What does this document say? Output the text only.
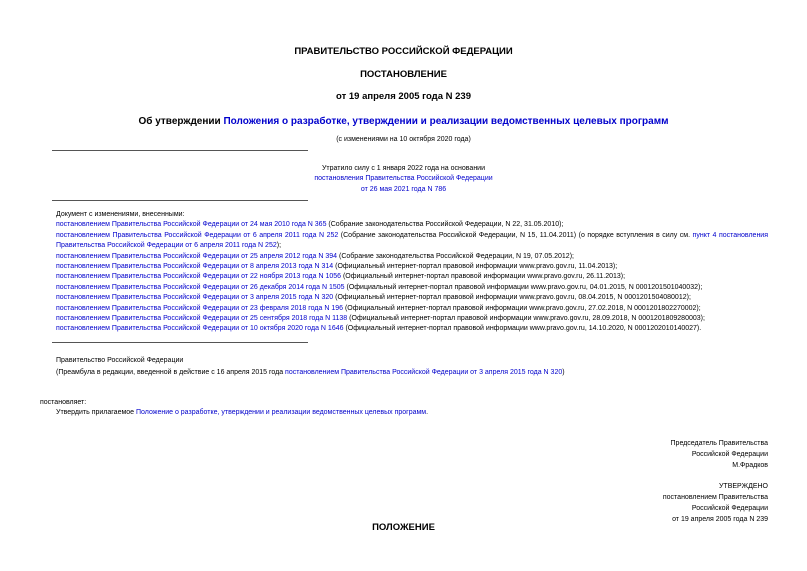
ПРАВИТЕЛЬСТВО РОССИЙСКОЙ ФЕДЕРАЦИИ
ПОСТАНОВЛЕНИЕ
от 19 апреля 2005 года N 239
Об утверждении Положения о разработке, утверждении и реализации ведомственных целевых программ
(с изменениями на 10 октября 2020 года)
Утратило силу с 1 января 2022 года на основании
постановления Правительства Российской Федерации
от 26 мая 2021 года N 786
Документ с изменениями, внесенными:
постановлением Правительства Российской Федерации от 24 мая 2010 года N 365 (Собрание законодательства Российской Федерации, N 22, 31.05.2010);
постановлением Правительства Российской Федерации от 6 апреля 2011 года N 252 (Собрание законодательства Российской Федерации, N 15, 11.04.2011) (о порядке вступления в силу см. пункт 4 постановления Правительства Российской Федерации от 6 апреля 2011 года N 252);
постановлением Правительства Российской Федерации от 25 апреля 2012 года N 394 (Собрание законодательства Российской Федерации, N 19, 07.05.2012);
постановлением Правительства Российской Федерации от 8 апреля 2013 года N 314 (Официальный интернет-портал правовой информации www.pravo.gov.ru, 11.04.2013);
постановлением Правительства Российской Федерации от 22 ноября 2013 года N 1056 (Официальный интернет-портал правовой информации www.pravo.gov.ru, 26.11.2013);
постановлением Правительства Российской Федерации от 26 декабря 2014 года N 1505 (Официальный интернет-портал правовой информации www.pravo.gov.ru, 04.01.2015, N 0001201501040032);
постановлением Правительства Российской Федерации от 3 апреля 2015 года N 320 (Официальный интернет-портал правовой информации www.pravo.gov.ru, 08.04.2015, N 0001201504080012);
постановлением Правительства Российской Федерации от 23 февраля 2018 года N 196 (Официальный интернет-портал правовой информации www.pravo.gov.ru, 27.02.2018, N 0001201802270002);
постановлением Правительства Российской Федерации от 25 сентября 2018 года N 1138 (Официальный интернет-портал правовой информации www.pravo.gov.ru, 28.09.2018, N 0001201809280003);
постановлением Правительства Российской Федерации от 10 октября 2020 года N 1646 (Официальный интернет-портал правовой информации www.pravo.gov.ru, 14.10.2020, N 0001202010140027).
Правительство Российской Федерации
(Преамбула в редакции, введенной в действие с 16 апреля 2015 года постановлением Правительства Российской Федерации от 3 апреля 2015 года N 320)
постановляет:
Утвердить прилагаемое Положение о разработке, утверждении и реализации ведомственных целевых программ.
Председатель Правительства
Российской Федерации
М.Фрадков
УТВЕРЖДЕНО
постановлением Правительства
Российской Федерации
от 19 апреля 2005 года N 239
ПОЛОЖЕНИЕ
